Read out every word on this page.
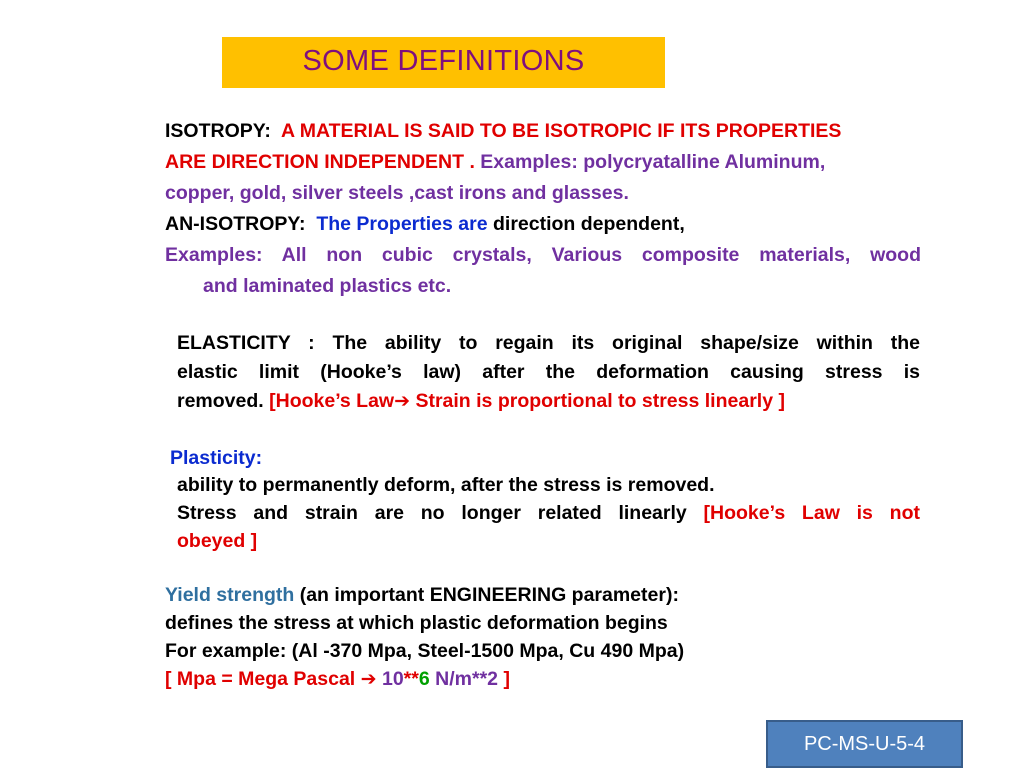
SOME DEFINITIONS
ISOTROPY: A MATERIAL IS SAID TO BE ISOTROPIC IF ITS PROPERTIES
ARE DIRECTION INDEPENDENT . Examples: polycryatalline Aluminum,
copper, gold, silver steels ,cast irons and glasses.
AN-ISOTROPY: The Properties are direction dependent,
Examples: All non cubic crystals, Various composite materials, wood
and laminated plastics etc.
ELASTICITY : The ability to regain its original shape/size within the
elastic limit (Hooke’s law) after the deformation causing stress is
removed. [Hooke’s Law➔ Strain is proportional to stress linearly ]
Plasticity:
ability to permanently deform, after the stress is removed.
Stress and strain are no longer related linearly [Hooke’s Law is not
obeyed ]
Yield strength (an important ENGINEERING parameter):
defines the stress at which plastic deformation begins
For example: (Al -370 Mpa, Steel-1500 Mpa, Cu 490 Mpa)
[ Mpa = Mega Pascal ➔ 10**6 N/m**2 ]
PC-MS-U-5-4
